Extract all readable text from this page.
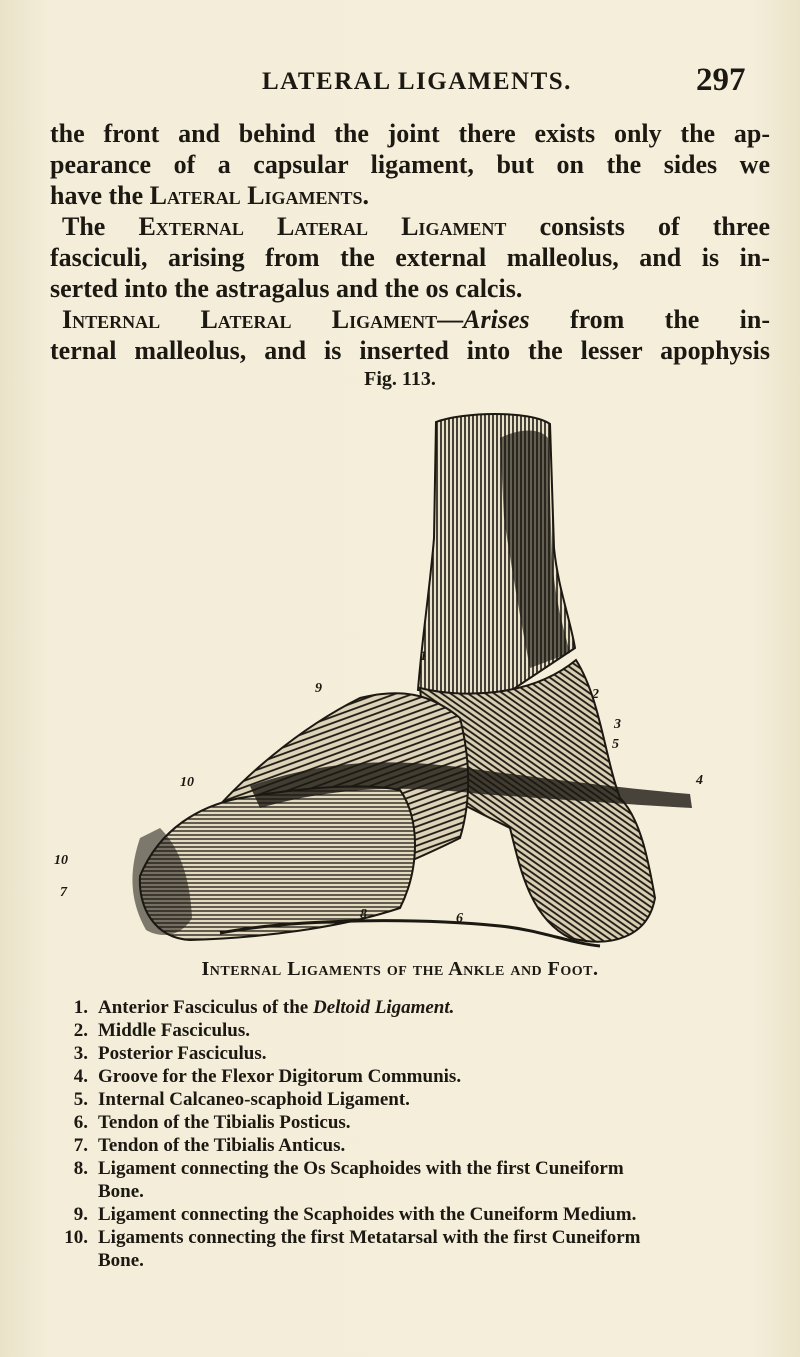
LATERAL LIGAMENTS.	297
the front and behind the joint there exists only the ap-
pearance of a capsular ligament, but on the sides we
have the Lateral Ligaments.
The External Lateral Ligament consists of three
fasciculi, arising from the external malleolus, and is in-
serted into the astragalus and the os calcis.
Internal Lateral Ligament—Arises from the in-
ternal malleolus, and is inserted into the lesser apophysis
Fig. 113.
1
9	2
3
5
4
10
10
7
8	6
Internal Ligaments of the Ankle and Foot.
1. Anterior Fasciculus of the Deltoid Ligament.
2. Middle Fasciculus.
3. Posterior Fasciculus.
4. Groove for the Flexor Digitorum Communis.
5. Internal Calcaneo-scaphoid Ligament.
6. Tendon of the Tibialis Posticus.
7. Tendon of the Tibialis Anticus.
8. Ligament connecting the Os Scaphoides with the first Cuneiform
Bone.
9. Ligament connecting the Scaphoides with the Cuneiform Medium.
10. Ligaments connecting the first Metatarsal with the first Cuneiform
Bone.
